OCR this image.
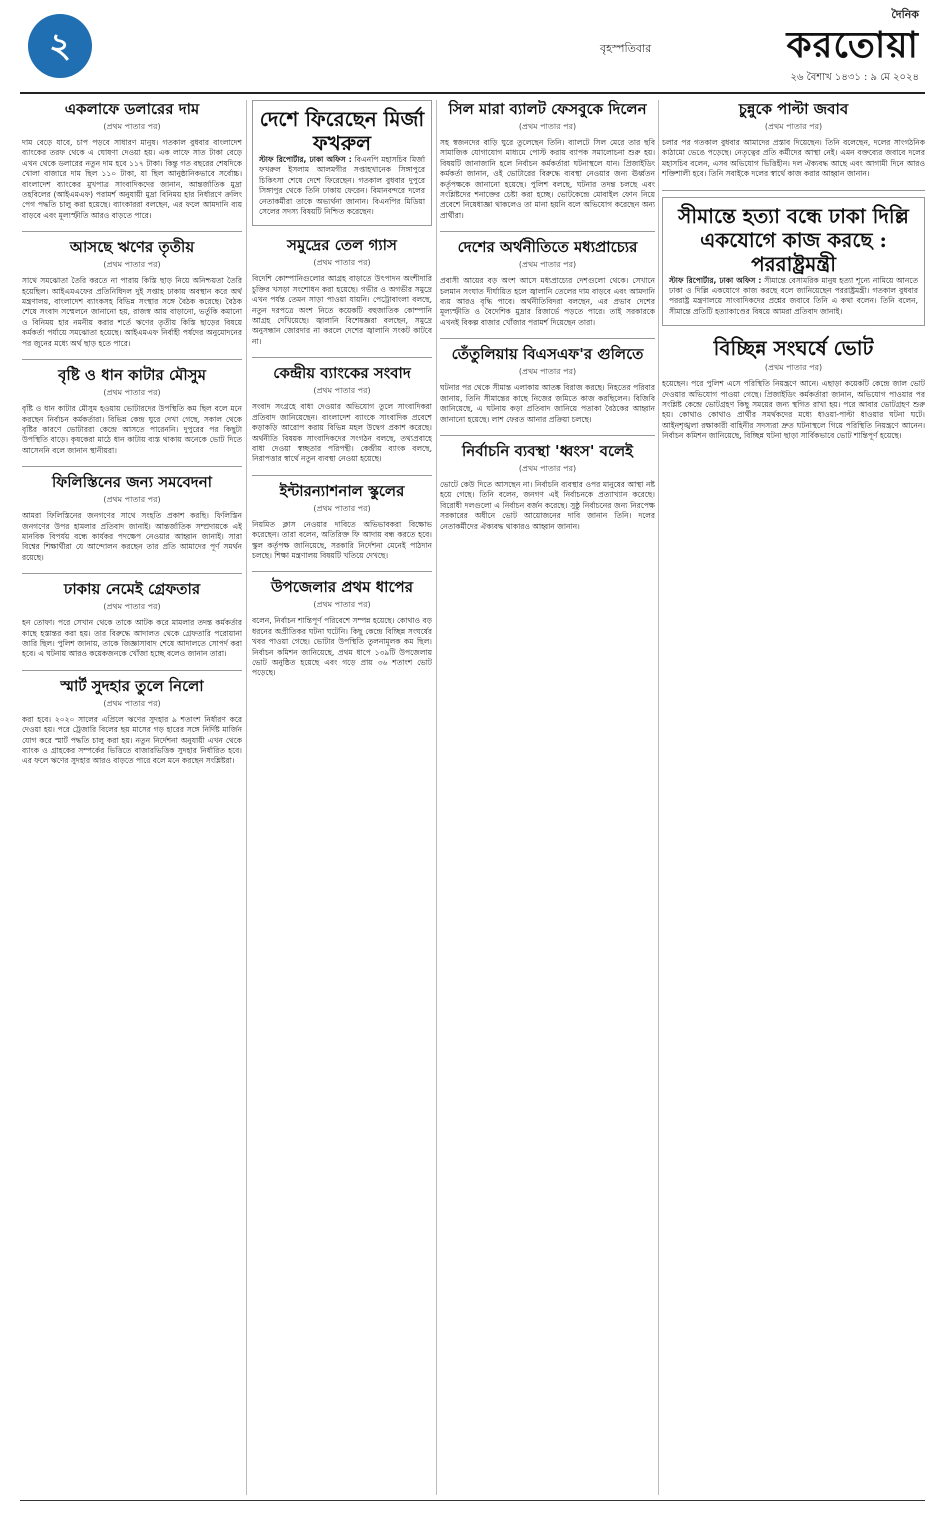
২	বৃহস্পতিবার
দৈনিক
করতোয়া
২৬ বৈশাখ ১৪৩১ : ৯ মে ২০২৪
একলাফে ডলারের দাম
(প্রথম পাতার পর)
দাম বেড়ে যাবে, চাপ পড়বে সাধারণ মানুষ। গতকাল বুধবার বাংলাদেশ ব্যাংকের তরফ থেকে এ ঘোষণা দেওয়া হয়। এক লাফে সাত টাকা বেড়ে এখন থেকে ডলারের নতুন দাম হবে ১১৭ টাকা। কিন্তু গত বছরের শেষদিকে খোলা বাজারে দাম ছিল ১১০ টাকা, যা ছিল আনুষ্ঠানিকভাবে সর্বোচ্চ। বাংলাদেশ ব্যাংকের মুখপাত্র সাংবাদিকদের জানান, আন্তর্জাতিক মুদ্রা তহবিলের (আইএমএফ) পরামর্শ অনুযায়ী মুদ্রা বিনিময় হার নির্ধারণে ক্রলিং পেগ পদ্ধতি চালু করা হয়েছে। ব্যাংকাররা বলছেন, এর ফলে আমদানি ব্যয় বাড়বে এবং মূল্যস্ফীতি আরও বাড়তে পারে।
আসছে ঋণের তৃতীয়
(প্রথম পাতার পর)
সাথে সমঝোতা তৈরি করতে না পারায় কিস্তি ছাড় নিয়ে অনিশ্চয়তা তৈরি হয়েছিল। আইএমএফের প্রতিনিধিদল দুই সপ্তাহ ঢাকায় অবস্থান করে অর্থ মন্ত্রণালয়, বাংলাদেশ ব্যাংকসহ বিভিন্ন সংস্থার সঙ্গে বৈঠক করেছে। বৈঠক শেষে সংবাদ সম্মেলনে জানানো হয়, রাজস্ব আয় বাড়ানো, ভর্তুকি কমানো ও বিনিময় হার নমনীয় করার শর্তে ঋণের তৃতীয় কিস্তি ছাড়ের বিষয়ে কর্মকর্তা পর্যায়ে সমঝোতা হয়েছে। আইএমএফ নির্বাহী পর্ষদের অনুমোদনের পর জুনের মধ্যে অর্থ ছাড় হতে পারে।
বৃষ্টি ও ধান কাটার মৌসুম
(প্রথম পাতার পর)
বৃষ্টি ও ধান কাটার মৌসুম হওয়ায় ভোটারদের উপস্থিতি কম ছিল বলে মনে করছেন নির্বাচন কর্মকর্তারা। বিভিন্ন কেন্দ্র ঘুরে দেখা গেছে, সকাল থেকে বৃষ্টির কারণে ভোটাররা কেন্দ্রে আসতে পারেননি। দুপুরের পর কিছুটা উপস্থিতি বাড়ে। কৃষকেরা মাঠে ধান কাটায় ব্যস্ত থাকায় অনেকে ভোট দিতে আসেননি বলে জানান স্থানীয়রা।
ফিলিস্তিনের জন্য সমবেদনা
(প্রথম পাতার পর)
আমরা ফিলিস্তিনের জনগণের সাথে সংহতি প্রকাশ করছি। ফিলিস্তিন জনগণের উপর হামলার প্রতিবাদ জানাই। আন্তর্জাতিক সম্প্রদায়কে এই মানবিক বিপর্যয় বন্ধে কার্যকর পদক্ষেপ নেওয়ার আহ্বান জানাই। সারা বিশ্বের শিক্ষার্থীরা যে আন্দোলন করছেন তার প্রতি আমাদের পূর্ণ সমর্থন রয়েছে।
ঢাকায় নেমেই গ্রেফতার
(প্রথম পাতার পর)
হন তোফা। পরে সেখান থেকে তাকে আটক করে মামলার তদন্ত কর্মকর্তার কাছে হস্তান্তর করা হয়। তার বিরুদ্ধে আদালত থেকে গ্রেফতারি পরোয়ানা জারি ছিল। পুলিশ জানায়, তাকে জিজ্ঞাসাবাদ শেষে আদালতে সোপর্দ করা হবে। এ ঘটনায় আরও কয়েকজনকে খোঁজা হচ্ছে বলেও জানান তারা।
স্মার্ট সুদহার তুলে নিলো
(প্রথম পাতার পর)
করা হবে। ২০২০ সালের এপ্রিলে ঋণের সুদহার ৯ শতাংশ নির্ধারণ করে দেওয়া হয়। পরে ট্রেজারি বিলের ছয় মাসের গড় হারের সঙ্গে নির্দিষ্ট মার্জিন যোগ করে স্মার্ট পদ্ধতি চালু করা হয়। নতুন নির্দেশনা অনুযায়ী এখন থেকে ব্যাংক ও গ্রাহকের সম্পর্কের ভিত্তিতে বাজারভিত্তিক সুদহার নির্ধারিত হবে। এর ফলে ঋণের সুদহার আরও বাড়তে পারে বলে মনে করছেন সংশ্লিষ্টরা।
দেশে ফিরেছেন মির্জা ফখরুল
স্টাফ রিপোর্টার, ঢাকা অফিস : বিএনপি মহাসচিব মির্জা ফখরুল ইসলাম আলমগীর সপ্তাহখানেক সিঙ্গাপুরে চিকিৎসা শেষে দেশে ফিরেছেন। গতকাল বুধবার দুপুরে সিঙ্গাপুর থেকে তিনি ঢাকায় ফেরেন। বিমানবন্দরে দলের নেতাকর্মীরা তাকে অভ্যর্থনা জানান। বিএনপির মিডিয়া সেলের সদস্য বিষয়টি নিশ্চিত করেছেন।
সমুদ্রের তেল গ্যাস
(প্রথম পাতার পর)
বিদেশি কোম্পানিগুলোর আগ্রহ বাড়াতে উৎপাদন অংশীদারি চুক্তির খসড়া সংশোধন করা হয়েছে। গভীর ও অগভীর সমুদ্রে এখন পর্যন্ত তেমন সাড়া পাওয়া যায়নি। পেট্রোবাংলা বলছে, নতুন দরপত্রে অংশ নিতে কয়েকটি বহুজাতিক কোম্পানি আগ্রহ দেখিয়েছে। জ্বালানি বিশেষজ্ঞরা বলছেন, সমুদ্রে অনুসন্ধান জোরদার না করলে দেশের জ্বালানি সংকট কাটবে না।
কেন্দ্রীয় ব্যাংকের সংবাদ
(প্রথম পাতার পর)
সংবাদ সংগ্রহে বাধা দেওয়ার অভিযোগ তুলে সাংবাদিকরা প্রতিবাদ জানিয়েছেন। বাংলাদেশ ব্যাংকে সাংবাদিক প্রবেশে কড়াকড়ি আরোপ করায় বিভিন্ন মহল উদ্বেগ প্রকাশ করেছে। অর্থনীতি বিষয়ক সাংবাদিকদের সংগঠন বলছে, তথ্যপ্রবাহে বাধা দেওয়া স্বচ্ছতার পরিপন্থী। কেন্দ্রীয় ব্যাংক বলছে, নিরাপত্তার স্বার্থে নতুন ব্যবস্থা নেওয়া হয়েছে।
ইন্টারন্যাশনাল স্কুলের
(প্রথম পাতার পর)
নিয়মিত ক্লাস নেওয়ার দাবিতে অভিভাবকরা বিক্ষোভ করেছেন। তারা বলেন, অতিরিক্ত ফি আদায় বন্ধ করতে হবে। স্কুল কর্তৃপক্ষ জানিয়েছে, সরকারি নির্দেশনা মেনেই পাঠদান চলছে। শিক্ষা মন্ত্রণালয় বিষয়টি খতিয়ে দেখছে।
উপজেলার প্রথম ধাপের
(প্রথম পাতার পর)
বলেন, নির্বাচন শান্তিপূর্ণ পরিবেশে সম্পন্ন হয়েছে। কোথাও বড় ধরনের অপ্রীতিকর ঘটনা ঘটেনি। কিছু কেন্দ্রে বিচ্ছিন্ন সংঘর্ষের খবর পাওয়া গেছে। ভোটার উপস্থিতি তুলনামূলক কম ছিল। নির্বাচন কমিশন জানিয়েছে, প্রথম ধাপে ১৩৯টি উপজেলায় ভোট অনুষ্ঠিত হয়েছে এবং গড়ে প্রায় ৩৬ শতাংশ ভোট পড়েছে।
সিল মারা ব্যালট ফেসবুকে দিলেন
(প্রথম পাতার পর)
সহ স্বজনদের বাড়ি ঘুরে তুলেছেন তিনি। ব্যালটে সিল মেরে তার ছবি সামাজিক যোগাযোগ মাধ্যমে পোস্ট করায় ব্যাপক সমালোচনা শুরু হয়। বিষয়টি জানাজানি হলে নির্বাচন কর্মকর্তারা ঘটনাস্থলে যান। প্রিজাইডিং কর্মকর্তা জানান, ওই ভোটারের বিরুদ্ধে ব্যবস্থা নেওয়ার জন্য ঊর্ধ্বতন কর্তৃপক্ষকে জানানো হয়েছে। পুলিশ বলছে, ঘটনার তদন্ত চলছে এবং সংশ্লিষ্টদের শনাক্তের চেষ্টা করা হচ্ছে। ভোটকেন্দ্রে মোবাইল ফোন নিয়ে প্রবেশে নিষেধাজ্ঞা থাকলেও তা মানা হয়নি বলে অভিযোগ করেছেন অন্য প্রার্থীরা।
দেশের অর্থনীতিতে মধ্যপ্রাচ্যের
(প্রথম পাতার পর)
প্রবাসী আয়ের বড় অংশ আসে মধ্যপ্রাচ্যের দেশগুলো থেকে। সেখানে চলমান সংঘাত দীর্ঘায়িত হলে জ্বালানি তেলের দাম বাড়বে এবং আমদানি ব্যয় আরও বৃদ্ধি পাবে। অর্থনীতিবিদরা বলছেন, এর প্রভাব দেশের মূল্যস্ফীতি ও বৈদেশিক মুদ্রার রিজার্ভে পড়তে পারে। তাই সরকারকে এখনই বিকল্প বাজার খোঁজার পরামর্শ দিয়েছেন তারা।
তেঁতুলিয়ায় বিএসএফ'র গুলিতে
(প্রথম পাতার পর)
ঘটনার পর থেকে সীমান্ত এলাকায় আতঙ্ক বিরাজ করছে। নিহতের পরিবার জানায়, তিনি সীমান্তের কাছে নিজের জমিতে কাজ করছিলেন। বিজিবি জানিয়েছে, এ ঘটনায় কড়া প্রতিবাদ জানিয়ে পতাকা বৈঠকের আহ্বান জানানো হয়েছে। লাশ ফেরত আনার প্রক্রিয়া চলছে।
নির্বাচনি ব্যবস্থা 'ধ্বংস' বলেই
(প্রথম পাতার পর)
ভোটে কেউ দিতে আসছেন না। নির্বাচনি ব্যবস্থার ওপর মানুষের আস্থা নষ্ট হয়ে গেছে। তিনি বলেন, জনগণ এই নির্বাচনকে প্রত্যাখ্যান করেছে। বিরোধী দলগুলো এ নির্বাচন বর্জন করেছে। সুষ্ঠু নির্বাচনের জন্য নিরপেক্ষ সরকারের অধীনে ভোট আয়োজনের দাবি জানান তিনি। দলের নেতাকর্মীদের ঐক্যবদ্ধ থাকারও আহ্বান জানান।
চুন্নুকে পাল্টা জবাব
(প্রথম পাতার পর)
চলার পর গতকাল বুধবার আমাদের প্রস্তাব দিয়েছেন। তিনি বলেছেন, দলের সাংগঠনিক কাঠামো ভেঙে পড়েছে। নেতৃত্বের প্রতি কর্মীদের আস্থা নেই। এমন বক্তব্যের জবাবে দলের মহাসচিব বলেন, এসব অভিযোগ ভিত্তিহীন। দল ঐক্যবদ্ধ আছে এবং আগামী দিনে আরও শক্তিশালী হবে। তিনি সবাইকে দলের স্বার্থে কাজ করার আহ্বান জানান।
সীমান্তে হত্যা বন্ধে ঢাকা দিল্লি একযোগে কাজ করছে : পররাষ্ট্রমন্ত্রী
স্টাফ রিপোর্টার, ঢাকা অফিস : সীমান্তে বেসামরিক মানুষ হত্যা শূন্যে নামিয়ে আনতে ঢাকা ও দিল্লি একযোগে কাজ করছে বলে জানিয়েছেন পররাষ্ট্রমন্ত্রী। গতকাল বুধবার পররাষ্ট্র মন্ত্রণালয়ে সাংবাদিকদের প্রশ্নের জবাবে তিনি এ কথা বলেন। তিনি বলেন, সীমান্তে প্রতিটি হত্যাকাণ্ডের বিষয়ে আমরা প্রতিবাদ জানাই।
বিচ্ছিন্ন সংঘর্ষে ভোট
(প্রথম পাতার পর)
হয়েছেন। পরে পুলিশ এসে পরিস্থিতি নিয়ন্ত্রণে আনে। এছাড়া কয়েকটি কেন্দ্রে জাল ভোট দেওয়ার অভিযোগ পাওয়া গেছে। প্রিজাইডিং কর্মকর্তারা জানান, অভিযোগ পাওয়ার পর সংশ্লিষ্ট কেন্দ্রে ভোটগ্রহণ কিছু সময়ের জন্য স্থগিত রাখা হয়। পরে আবার ভোটগ্রহণ শুরু হয়। কোথাও কোথাও প্রার্থীর সমর্থকদের মধ্যে ধাওয়া-পাল্টা ধাওয়ার ঘটনা ঘটে। আইনশৃঙ্খলা রক্ষাকারী বাহিনীর সদস্যরা দ্রুত ঘটনাস্থলে গিয়ে পরিস্থিতি নিয়ন্ত্রণে আনেন। নির্বাচন কমিশন জানিয়েছে, বিচ্ছিন্ন ঘটনা ছাড়া সার্বিকভাবে ভোট শান্তিপূর্ণ হয়েছে।
